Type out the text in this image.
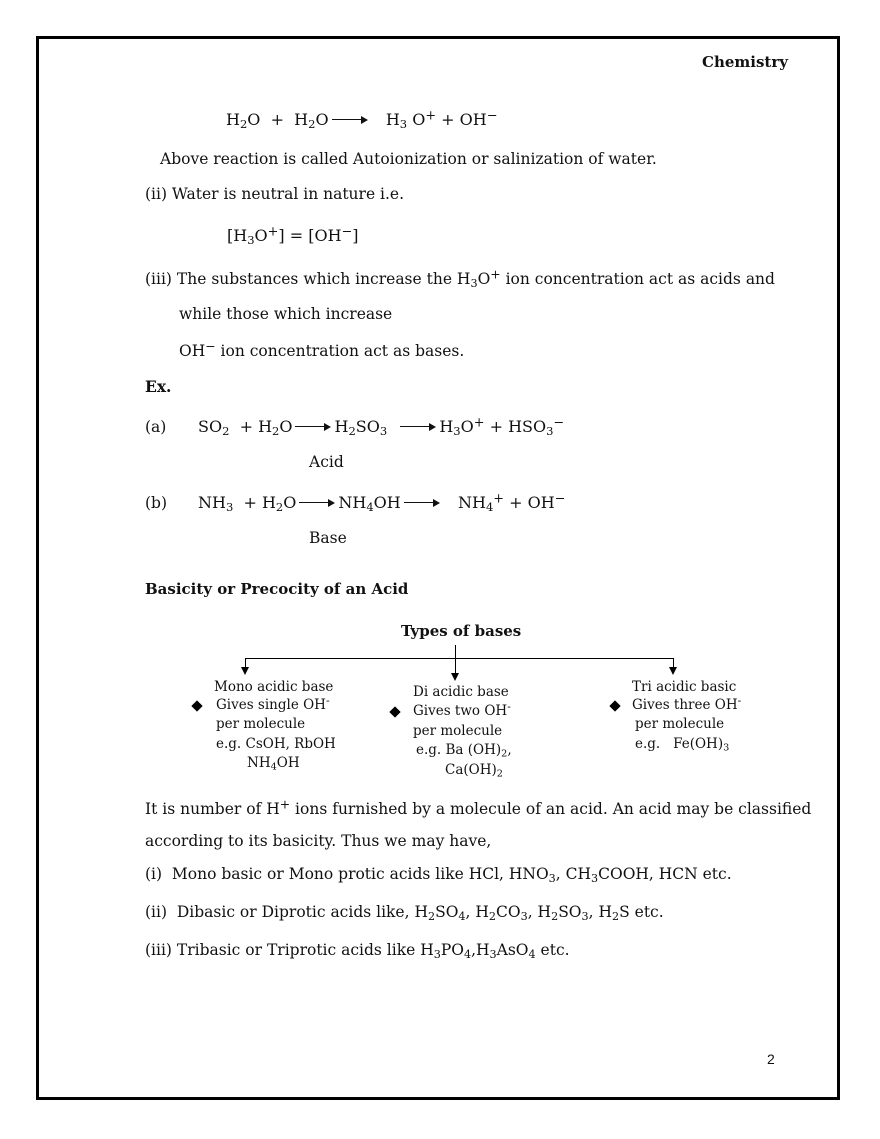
Chemistry
$H_2O + H_2O$	$H_3$ O+ + OH−
Above reaction is called Autoionization or salinization of water.
(ii) Water is neutral in nature i.e.
$[H_3O^+] = [OH^-]$
(iii) The substances which increase the $H_3O^+$ ion concentration act as acids and
while those which increase
OH− ion concentration act as bases.
Ex.
(a) $SO_2 + H_2O$	$H_2SO_3$	$H_3O^+ + HSO_3^-$
Acid
(b) $NH_3 + H_2O$	$NH_4OH$	$NH_4^+ + OH^-$
Base
Basicity or Precocity of an Acid
Types of bases
Mono acidic base
Gives single OH-
per molecule
e.g. CsOH, RbOH
$NH_4OH$
Di acidic base
Gives two OH-
per molecule
e.g. Ba $(OH)_2$,
$Ca(OH)_2$
Tri acidic basic
Gives three OH-
per molecule
e.g.   $Fe(OH)_3$
It is number of H+ ions furnished by a molecule of an acid. An acid may be classified
according to its basicity. Thus we may have,
(i)  Mono basic or Mono protic acids like HCl, $HNO_3$, $CH_3COOH$, HCN etc.
(ii)  Dibasic or Diprotic acids like, $H_2SO_4$, $H_2CO_3$, $H_2SO_3$, $H_2S$ etc.
(iii) Tribasic or Triprotic acids like $H_3PO_4,H_3AsO_4$ etc.
2
